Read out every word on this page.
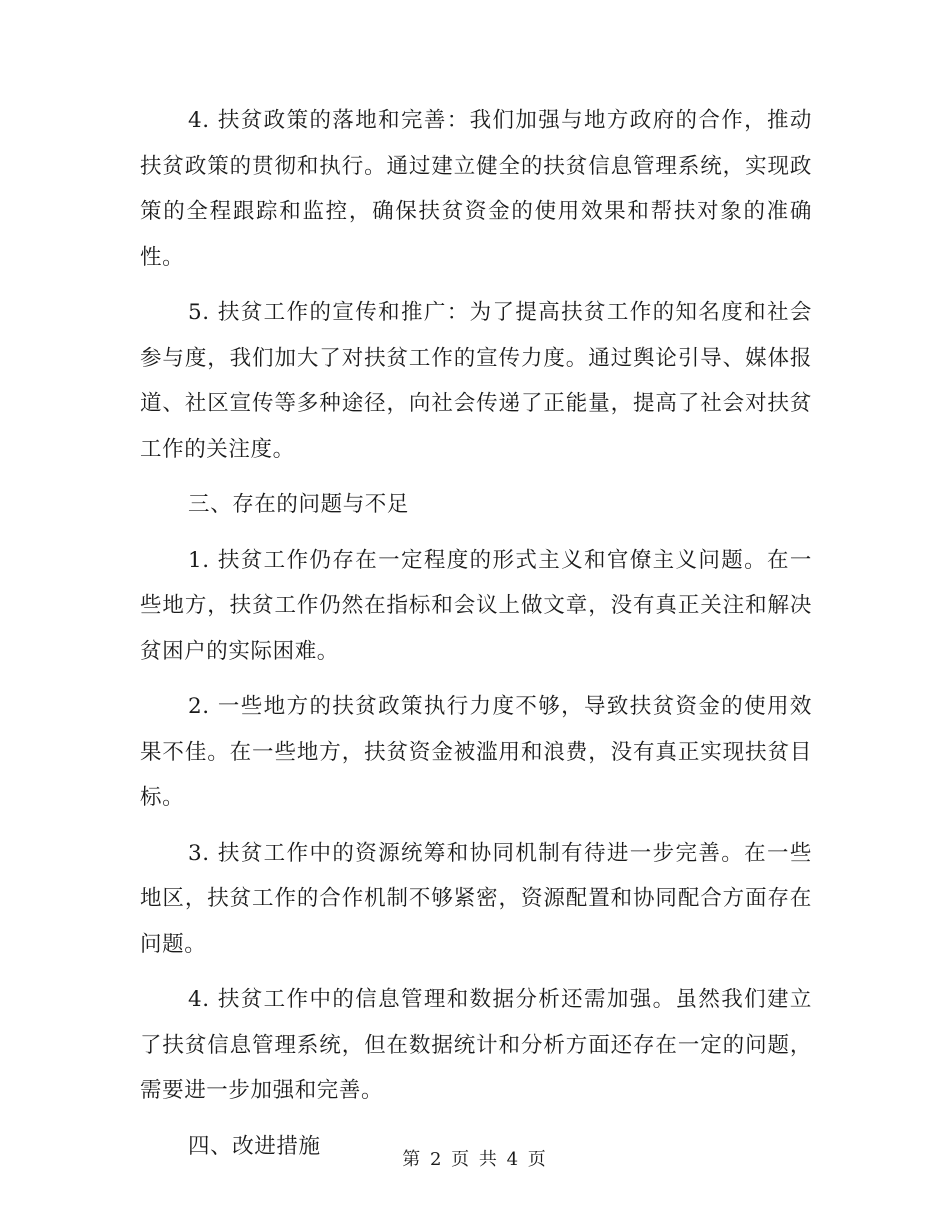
4. 扶贫政策的落地和完善：我们加强与地方政府的合作，推动扶贫政策的贯彻和执行。通过建立健全的扶贫信息管理系统，实现政策的全程跟踪和监控，确保扶贫资金的使用效果和帮扶对象的准确性。

5. 扶贫工作的宣传和推广：为了提高扶贫工作的知名度和社会参与度，我们加大了对扶贫工作的宣传力度。通过舆论引导、媒体报道、社区宣传等多种途径，向社会传递了正能量，提高了社会对扶贫工作的关注度。

三、存在的问题与不足

1. 扶贫工作仍存在一定程度的形式主义和官僚主义问题。在一些地方，扶贫工作仍然在指标和会议上做文章，没有真正关注和解决贫困户的实际困难。

2. 一些地方的扶贫政策执行力度不够，导致扶贫资金的使用效果不佳。在一些地方，扶贫资金被滥用和浪费，没有真正实现扶贫目标。

3. 扶贫工作中的资源统筹和协同机制有待进一步完善。在一些地区，扶贫工作的合作机制不够紧密，资源配置和协同配合方面存在问题。

4. 扶贫工作中的信息管理和数据分析还需加强。虽然我们建立了扶贫信息管理系统，但在数据统计和分析方面还存在一定的问题，需要进一步加强和完善。

四、改进措施

第 2 页 共 4 页
